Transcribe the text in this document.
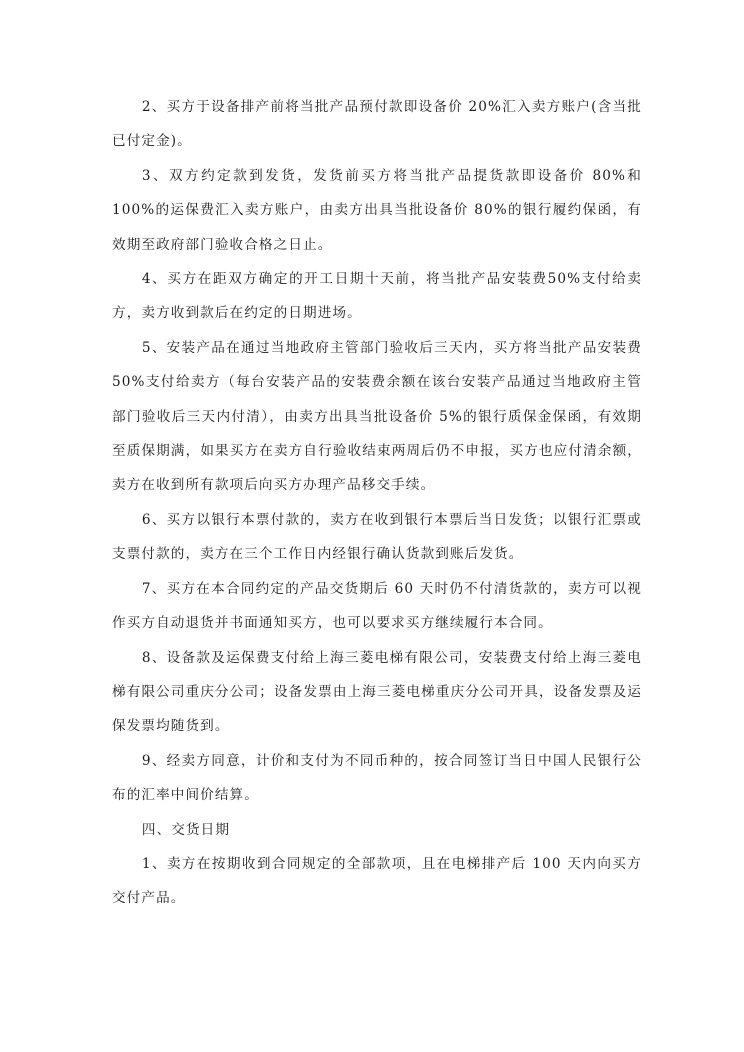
2、买方于设备排产前将当批产品预付款即设备价 20%汇入卖方账户(含当批已付定金)。

3、双方约定款到发货，发货前买方将当批产品提货款即设备价 80%和 100%的运保费汇入卖方账户，由卖方出具当批设备价 80%的银行履约保函，有效期至政府部门验收合格之日止。

4、买方在距双方确定的开工日期十天前，将当批产品安装费50%支付给卖方，卖方收到款后在约定的日期进场。

5、安装产品在通过当地政府主管部门验收后三天内，买方将当批产品安装费 50%支付给卖方（每台安装产品的安装费余额在该台安装产品通过当地政府主管部门验收后三天内付清），由卖方出具当批设备价 5%的银行质保金保函，有效期至质保期满，如果买方在卖方自行验收结束两周后仍不申报，买方也应付清余额，卖方在收到所有款项后向买方办理产品移交手续。

6、买方以银行本票付款的，卖方在收到银行本票后当日发货；以银行汇票或支票付款的，卖方在三个工作日内经银行确认货款到账后发货。

7、买方在本合同约定的产品交货期后 60 天时仍不付清货款的，卖方可以视作买方自动退货并书面通知买方，也可以要求买方继续履行本合同。

8、设备款及运保费支付给上海三菱电梯有限公司，安装费支付给上海三菱电梯有限公司重庆分公司；设备发票由上海三菱电梯重庆分公司开具，设备发票及运保发票均随货到。

9、经卖方同意，计价和支付为不同币种的，按合同签订当日中国人民银行公布的汇率中间价结算。

四、交货日期

1、卖方在按期收到合同规定的全部款项，且在电梯排产后 100 天内向买方交付产品。
